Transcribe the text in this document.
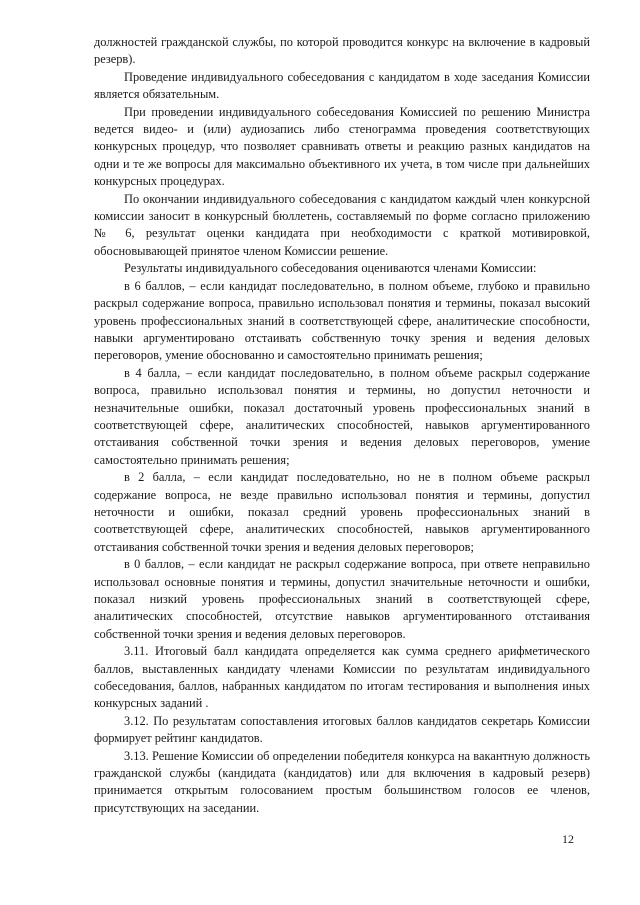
должностей гражданской службы, по которой проводится конкурс на включение в кадровый резерв).

Проведение индивидуального собеседования с кандидатом в ходе заседания Комиссии является обязательным.

При проведении индивидуального собеседования Комиссией по решению Министра ведется видео- и (или) аудиозапись либо стенограмма проведения соответствующих конкурсных процедур, что позволяет сравнивать ответы и реакцию разных кандидатов на одни и те же вопросы для максимально объективного их учета, в том числе при дальнейших конкурсных процедурах.

По окончании индивидуального собеседования с кандидатом каждый член конкурсной комиссии заносит в конкурсный бюллетень, составляемый по форме согласно приложению № 6, результат оценки кандидата при необходимости с краткой мотивировкой, обосновывающей принятое членом Комиссии решение.

Результаты индивидуального собеседования оцениваются членами Комиссии:

в 6 баллов, – если кандидат последовательно, в полном объеме, глубоко и правильно раскрыл содержание вопроса, правильно использовал понятия и термины, показал высокий уровень профессиональных знаний в соответствующей сфере, аналитические способности, навыки аргументировано отстаивать собственную точку зрения и ведения деловых переговоров, умение обоснованно и самостоятельно принимать решения;

в 4 балла, – если кандидат последовательно, в полном объеме раскрыл содержание вопроса, правильно использовал понятия и термины, но допустил неточности и незначительные ошибки, показал достаточный уровень профессиональных знаний в соответствующей сфере, аналитических способностей, навыков аргументированного отстаивания собственной точки зрения и ведения деловых переговоров, умение самостоятельно принимать решения;

в 2 балла, – если кандидат последовательно, но не в полном объеме раскрыл содержание вопроса, не везде правильно использовал понятия и термины, допустил неточности и ошибки, показал средний уровень профессиональных знаний в соответствующей сфере, аналитических способностей, навыков аргументированного отстаивания собственной точки зрения и ведения деловых переговоров;

в 0 баллов, – если кандидат не раскрыл содержание вопроса, при ответе неправильно использовал основные понятия и термины, допустил значительные неточности и ошибки, показал низкий уровень профессиональных знаний в соответствующей сфере, аналитических способностей, отсутствие навыков аргументированного отстаивания собственной точки зрения и ведения деловых переговоров.

3.11. Итоговый балл кандидата определяется как сумма среднего арифметического баллов, выставленных кандидату членами Комиссии по результатам индивидуального собеседования, баллов, набранных кандидатом по итогам тестирования и выполнения иных конкурсных заданий .

3.12. По результатам сопоставления итоговых баллов кандидатов секретарь Комиссии формирует рейтинг кандидатов.

3.13. Решение Комиссии об определении победителя конкурса на вакантную должность гражданской службы (кандидата (кандидатов) или для включения в кадровый резерв) принимается открытым голосованием простым большинством голосов ее членов, присутствующих на заседании.

12
